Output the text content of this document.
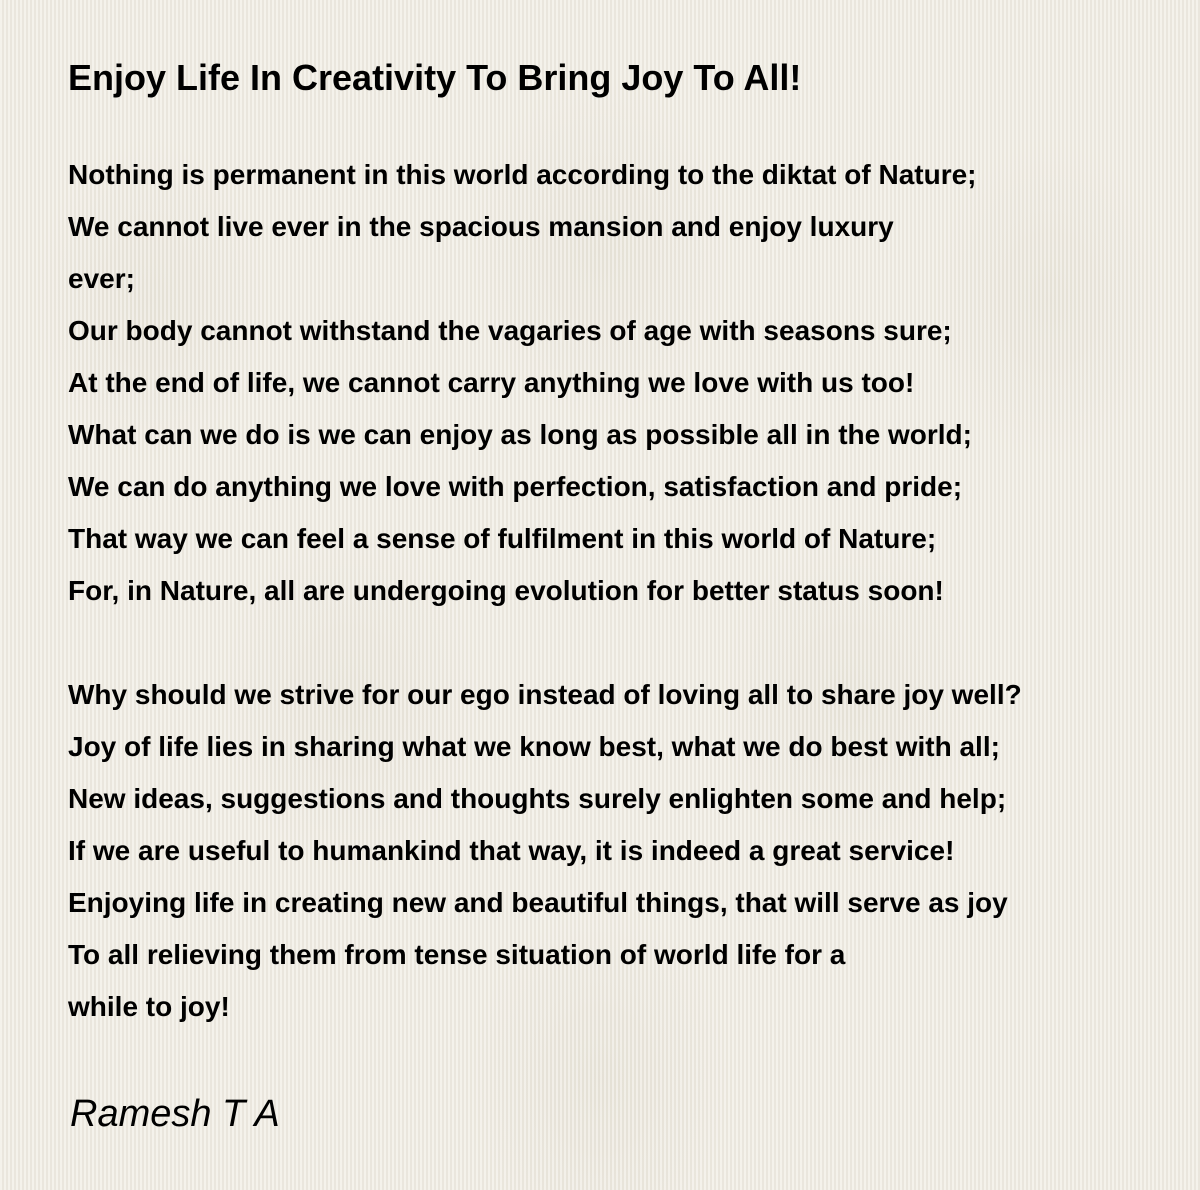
Enjoy Life In Creativity To Bring Joy To All!
Nothing is permanent in this world according to the diktat of Nature;
We cannot live ever in the spacious mansion and enjoy luxury
ever;
Our body cannot withstand the vagaries of age with seasons sure;
At the end of life, we cannot carry anything we love with us too!
What can we do is we can enjoy as long as possible all in the world;
We can do anything we love with perfection, satisfaction and pride;
That way we can feel a sense of fulfilment in this world of Nature;
For, in Nature, all are undergoing evolution for better status soon!
Why should we strive for our ego instead of loving all to share joy well?
Joy of life lies in sharing what we know best, what we do best with all;
New ideas, suggestions and thoughts surely enlighten some and help;
If we are useful to humankind that way, it is indeed a great service!
Enjoying life in creating new and beautiful things, that will serve as joy
To all relieving them from tense situation of world life for a
while to joy!

Ramesh T A
